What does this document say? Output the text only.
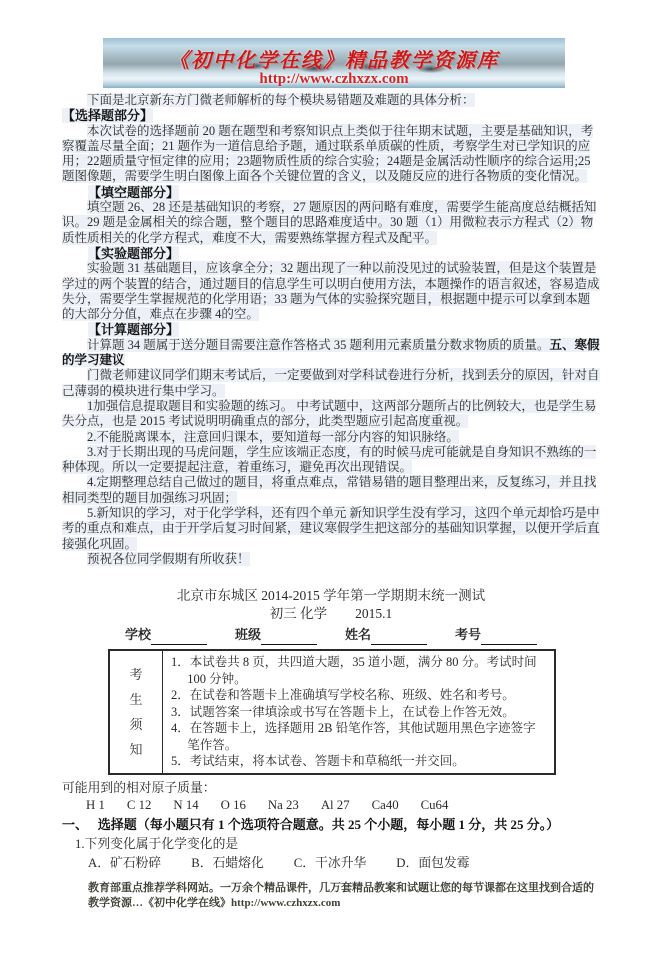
《初中化学在线》精品教学资源库
http://www.czhxzx.com

下面是北京新东方门微老师解析的每个模块易错题及难题的具体分析：

【选择题部分】

本次试卷的选择题前 20 题在题型和考察知识点上类似于往年期末试题，主要是基础知识，考察覆盖尽量全面；21 题作为一道信息给予题，通过联系单质碳的性质，考察学生对已学知识的应用；22题质量守恒定律的应用；23题物质性质的综合实验；24题是金属活动性顺序的综合运用;25题图像题，需要学生明白图像上面各个关键位置的含义，以及随反应的进行各物质的变化情况。

【填空题部分】

填空题 26、28 还是基础知识的考察，27 题原因的两问略有难度，需要学生能高度总结概括知识。29 题是金属相关的综合题，整个题目的思路难度适中。30 题（1）用微粒表示方程式（2）物质性质相关的化学方程式，难度不大，需要熟练掌握方程式及配平。

【实验题部分】

实验题 31 基础题目，应该拿全分；32 题出现了一种以前没见过的试验装置，但是这个装置是学过的两个装置的结合，通过题目的信息学生可以明白使用方法，本题操作的语言叙述，容易造成失分，需要学生掌握规范的化学用语；33 题为气体的实验探究题目，根据题中提示可以拿到本题的大部分分值，难点在步骤 4的空。

【计算题部分】

计算题 34 题属于送分题目需要注意作答格式 35 题利用元素质量分数求物质的质量。五、寒假的学习建议

门微老师建议同学们期末考试后，一定要做到对学科试卷进行分析，找到丢分的原因，针对自己薄弱的模块进行集中学习。

1加强信息提取题目和实验题的练习。 中考试题中，这两部分题所占的比例较大，也是学生易失分点，也是 2015 考试说明明确重点的部分，此类型题应引起高度重视。

2.不能脱离课本，注意回归课本，要知道每一部分内容的知识脉络。

3.对于长期出现的马虎问题，学生应该端正态度，有的时候马虎可能就是自身知识不熟练的一种体现。所以一定要提起注意，着重练习，避免再次出现错误。

4.定期整理总结自己做过的题目，将重点难点，常错易错的题目整理出来，反复练习，并且找相同类型的题目加强练习巩固；

5.新知识的学习，对于化学学科，还有四个单元 新知识学生没有学习，这四个单元却恰巧是中考的重点和难点，由于开学后复习时间紧，建议寒假学生把这部分的基础知识掌握，以便开学后直接强化巩固。

预祝各位同学假期有所收获！

北京市东城区 2014-2015 学年第一学期期末统一测试
初三 化学 2015.1
学校	班级	姓名	考号
考生须知
1．本试卷共 8 页，共四道大题，35 道小题，满分 80 分。考试时间 100 分钟。
2．在试卷和答题卡上准确填写学校名称、班级、姓名和考号。
3．试题答案一律填涂或书写在答题卡上，在试卷上作答无效。
4．在答题卡上，选择题用 2B 铅笔作答，其他试题用黑色字迹签字笔作答。
5．考试结束，将本试卷、答题卡和草稿纸一并交回。
可能用到的相对原子质量：
H 1 C 12 N 14 O 16 Na 23 Al 27 Ca40 Cu64
一、　 选择题（每小题只有 1 个选项符合题意。共 25 个小题，每小题 1 分，共 25 分。）
1.下列变化属于化学变化的是
A．矿石粉碎 B．石蜡熔化 C．干冰升华 D．面包发霉
教育部重点推荐学科网站。一万余个精品课件，几万套精品教案和试题让您的每节课都在这里找到合适的教学资源…《初中化学在线》http://www.czhxzx.com
